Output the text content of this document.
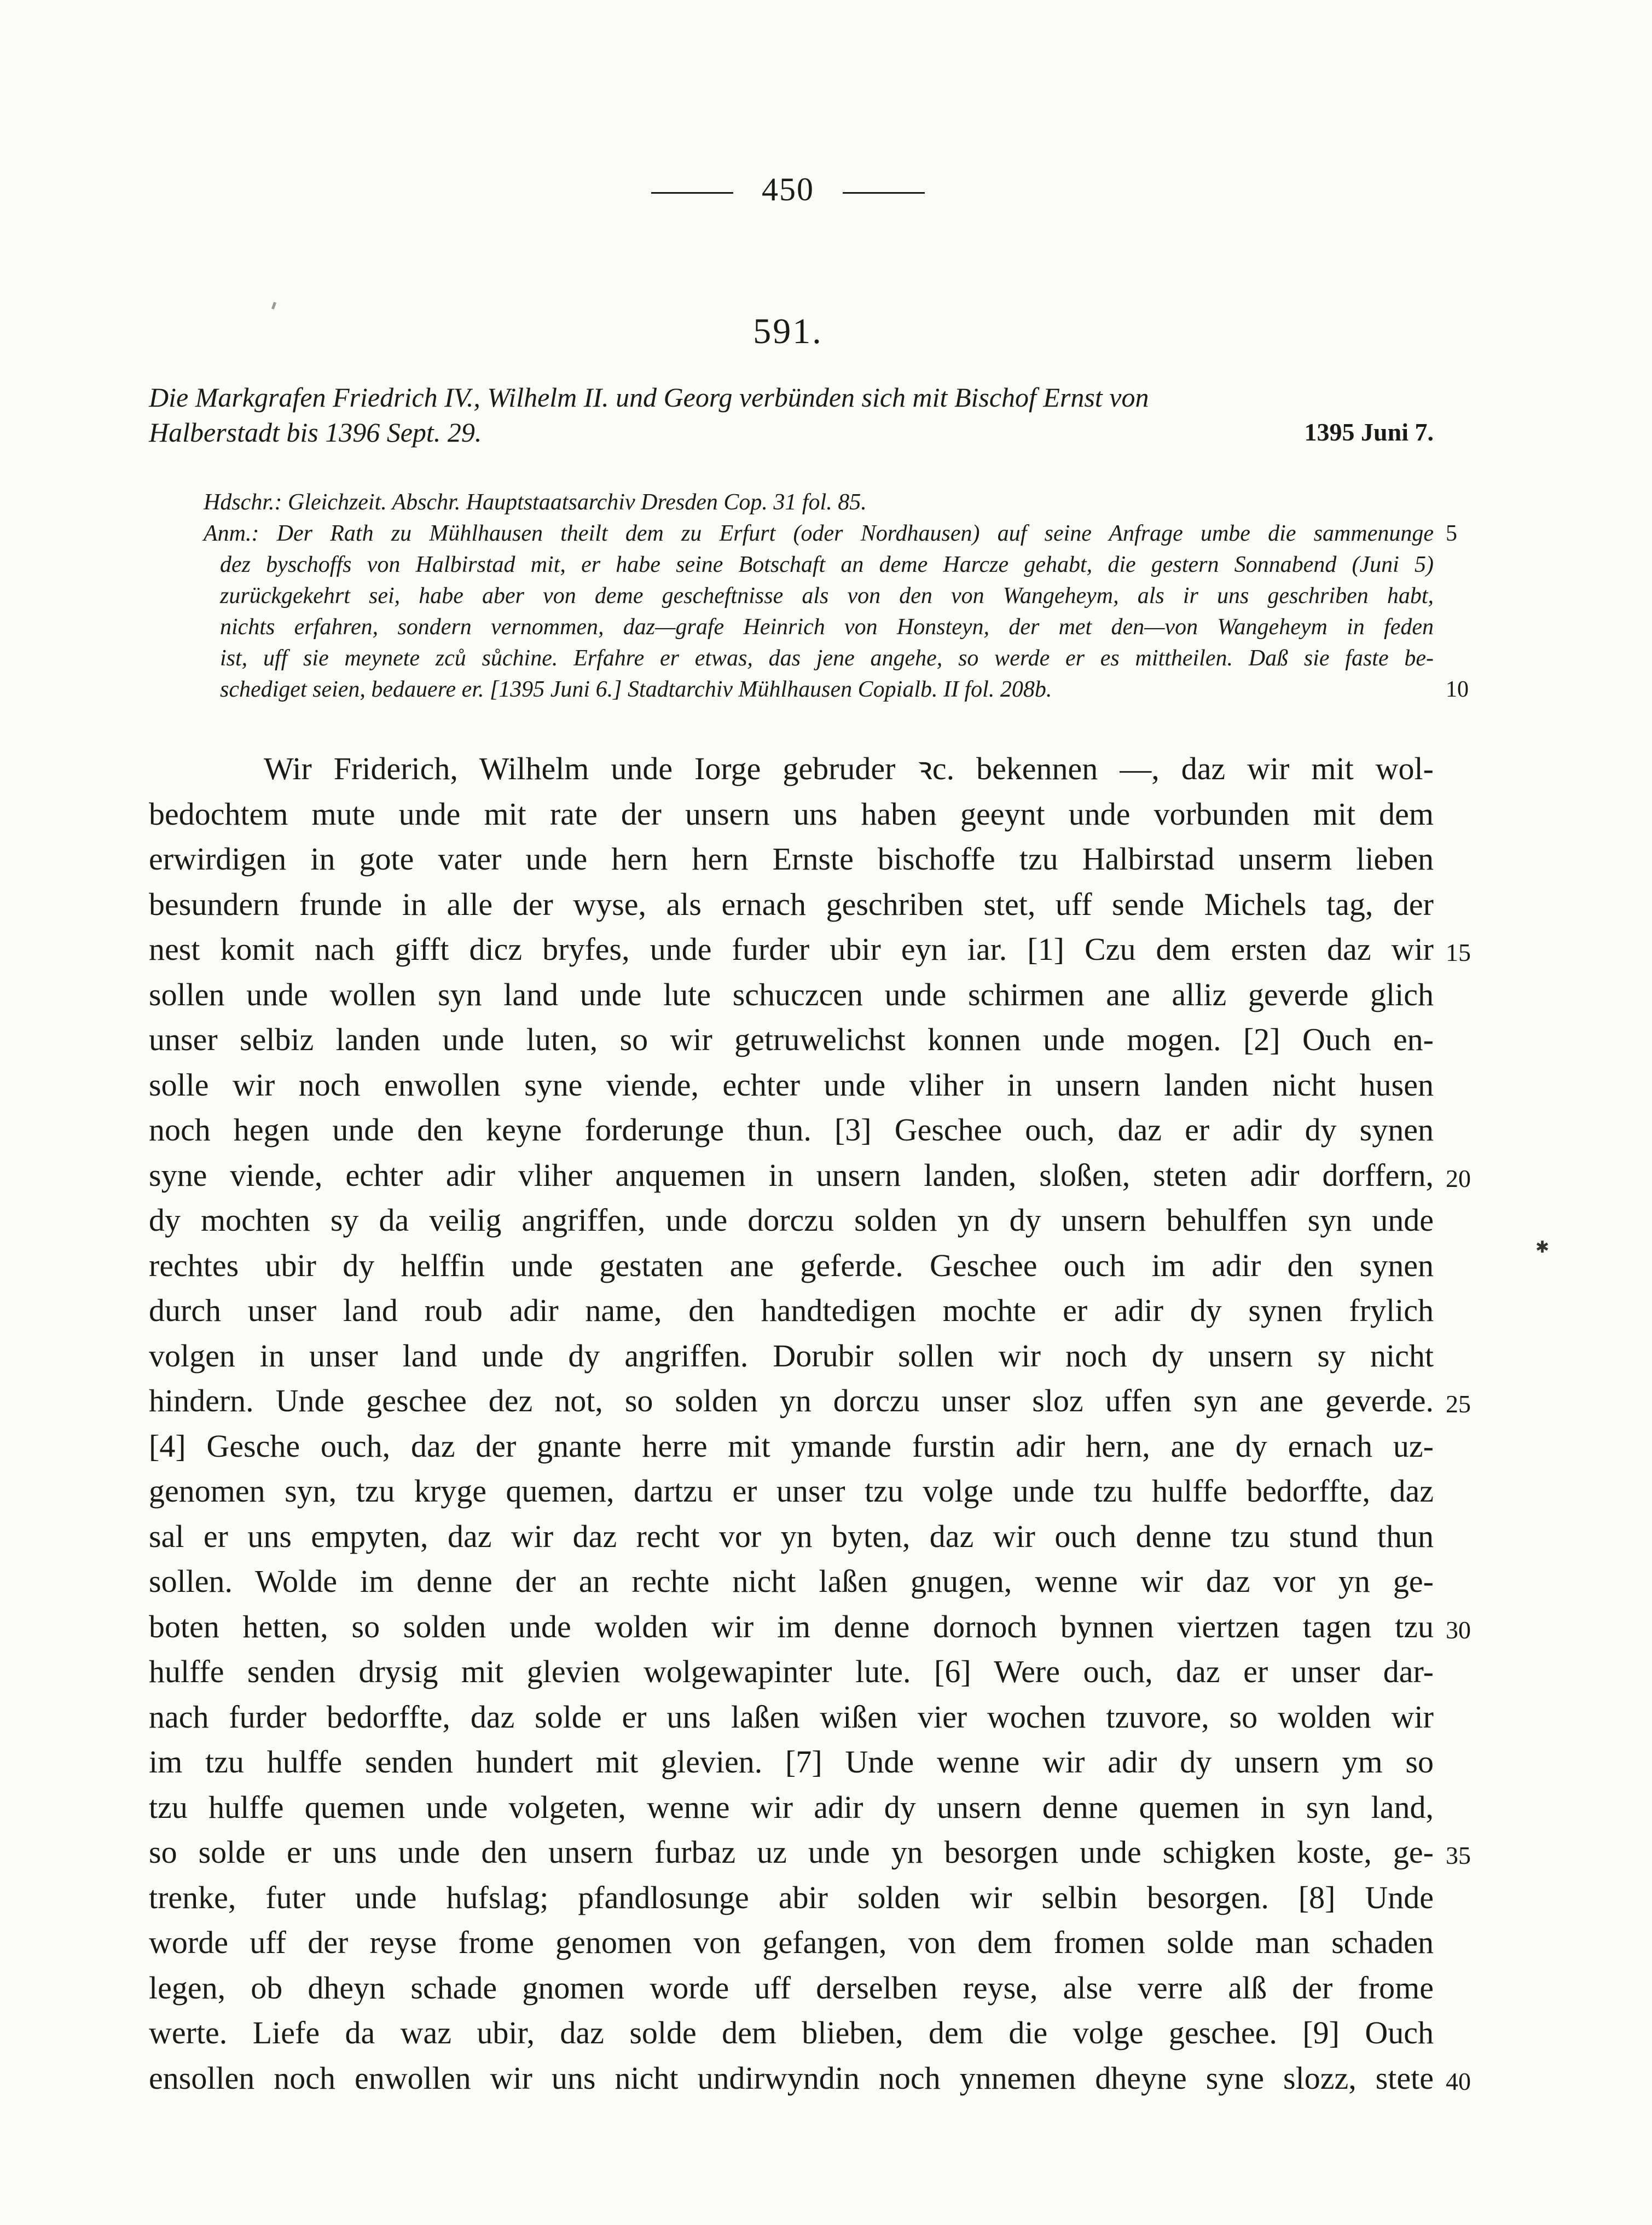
450
591.
Die Markgrafen Friedrich IV., Wilhelm II. und Georg verbünden sich mit Bischof Ernst von
Halberstadt bis 1396 Sept. 29.	1395 Juni 7.
Hdschr.: Gleichzeit. Abschr. Hauptstaatsarchiv Dresden Cop. 31 fol. 85.
Anm.: Der Rath zu Mühlhausen theilt dem zu Erfurt (oder Nordhausen) auf seine Anfrage umbe die sammenunge 5
dez byschoffs von Halbirstad mit, er habe seine Botschaft an deme Harcze gehabt, die gestern Sonnabend (Juni 5)
zurückgekehrt sei, habe aber von deme gescheftnisse als von den von Wangeheym, als ir uns geschriben habt,
nichts erfahren, sondern vernommen, daz—grafe Heinrich von Honsteyn, der met den—von Wangeheym in feden
ist, uff sie meynete zců sůchine. Erfahre er etwas, das jene angehe, so werde er es mittheilen. Daß sie faste be-
schediget seien, bedauere er. [1395 Juni 6.] Stadtarchiv Mühlhausen Copialb. II fol. 208b.	10
Wir Friderich, Wilhelm unde Iorge gebruder ꝛc. bekennen —, daz wir mit wol-
bedochtem mute unde mit rate der unsern uns haben geeynt unde vorbunden mit dem
erwirdigen in gote vater unde hern hern Ernste bischoffe tzu Halbirstad unserm lieben
besundern frunde in alle der wyse, als ernach geschriben stet, uff sende Michels tag, der
nest komit nach gifft dicz bryfes, unde furder ubir eyn iar. [1] Czu dem ersten daz wir 15
sollen unde wollen syn land unde lute schuczcen unde schirmen ane alliz geverde glich
unser selbiz landen unde luten, so wir getruwelichst konnen unde mogen. [2] Ouch en-
solle wir noch enwollen syne viende, echter unde vliher in unsern landen nicht husen
noch hegen unde den keyne forderunge thun. [3] Geschee ouch, daz er adir dy synen
syne viende, echter adir vliher anquemen in unsern landen, sloßen, steten adir dorffern, 20
dy mochten sy da veilig angriffen, unde dorczu solden yn dy unsern behulffen syn unde
rechtes ubir dy helffin unde gestaten ane geferde. Geschee ouch im adir den synen
durch unser land roub adir name, den handtedigen mochte er adir dy synen frylich
volgen in unser land unde dy angriffen. Dorubir sollen wir noch dy unsern sy nicht
hindern. Unde geschee dez not, so solden yn dorczu unser sloz uffen syn ane geverde. 25
[4] Gesche ouch, daz der gnante herre mit ymande furstin adir hern, ane dy ernach uz-
genomen syn, tzu kryge quemen, dartzu er unser tzu volge unde tzu hulffe bedorffte, daz
sal er uns empyten, daz wir daz recht vor yn byten, daz wir ouch denne tzu stund thun
sollen. Wolde im denne der an rechte nicht laßen gnugen, wenne wir daz vor yn ge-
boten hetten, so solden unde wolden wir im denne dornoch bynnen viertzen tagen tzu 30
hulffe senden drysig mit glevien wolgewapinter lute. [6] Were ouch, daz er unser dar-
nach furder bedorffte, daz solde er uns laßen wißen vier wochen tzuvore, so wolden wir
im tzu hulffe senden hundert mit glevien. [7] Unde wenne wir adir dy unsern ym so
tzu hulffe quemen unde volgeten, wenne wir adir dy unsern denne quemen in syn land,
so solde er uns unde den unsern furbaz uz unde yn besorgen unde schigken koste, ge- 35
trenke, futer unde hufslag; pfandlosunge abir solden wir selbin besorgen. [8] Unde
worde uff der reyse frome genomen von gefangen, von dem fromen solde man schaden
legen, ob dheyn schade gnomen worde uff derselben reyse, alse verre alß der frome
werte. Liefe da waz ubir, daz solde dem blieben, dem die volge geschee. [9] Ouch
ensollen noch enwollen wir uns nicht undirwyndin noch ynnemen dheyne syne slozz, stete 40
✱
